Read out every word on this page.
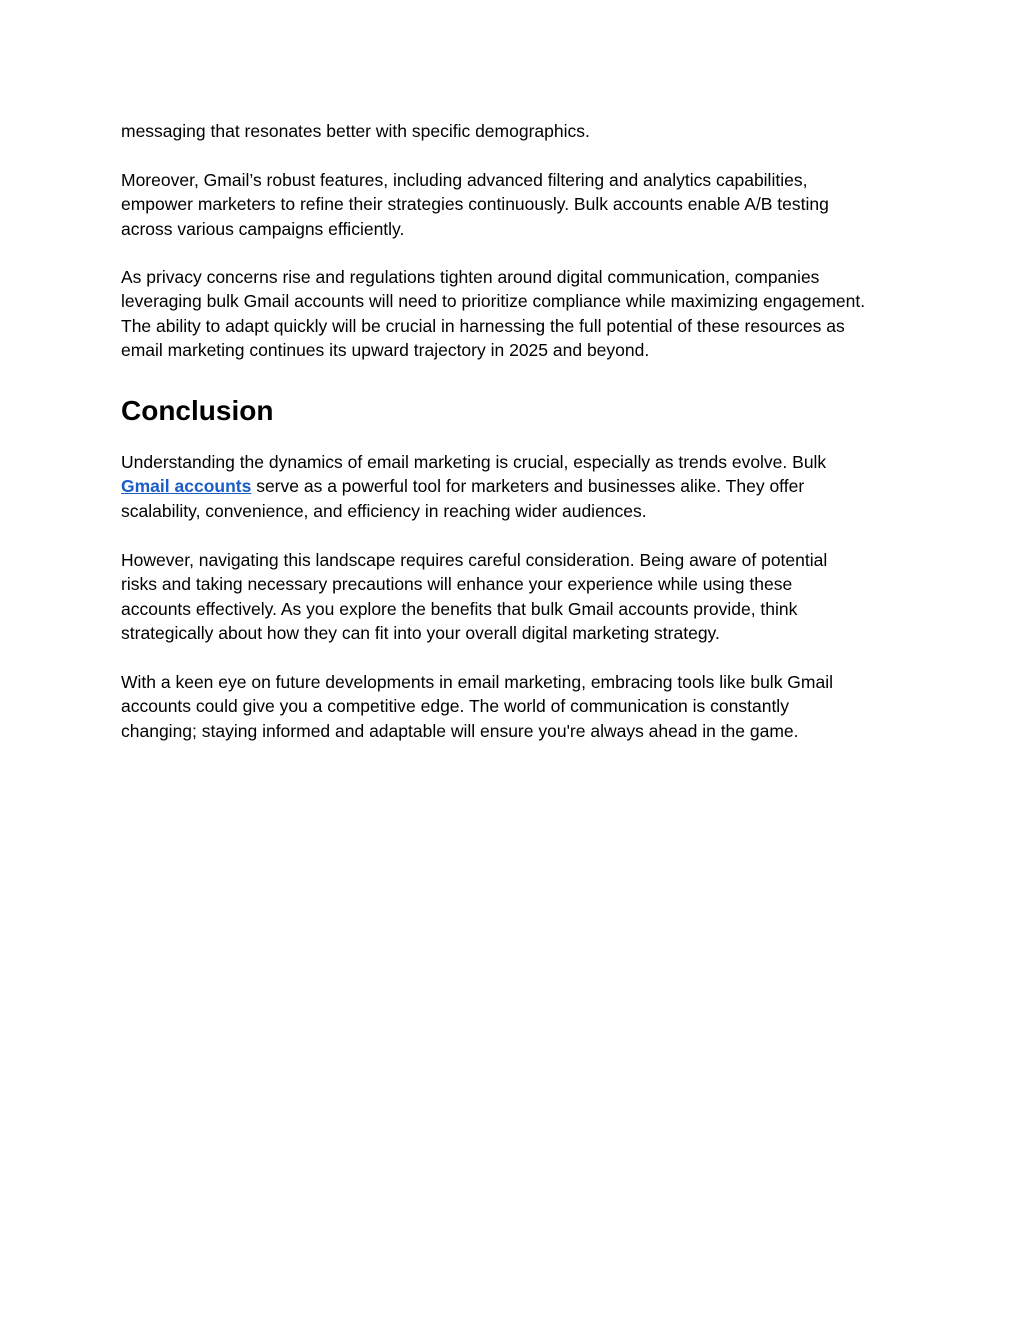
messaging that resonates better with specific demographics.
Moreover, Gmail’s robust features, including advanced filtering and analytics capabilities,
empower marketers to refine their strategies continuously. Bulk accounts enable A/B testing
across various campaigns efficiently.
As privacy concerns rise and regulations tighten around digital communication, companies
leveraging bulk Gmail accounts will need to prioritize compliance while maximizing engagement.
The ability to adapt quickly will be crucial in harnessing the full potential of these resources as
email marketing continues its upward trajectory in 2025 and beyond.
Conclusion
Understanding the dynamics of email marketing is crucial, especially as trends evolve. Bulk
Gmail accounts serve as a powerful tool for marketers and businesses alike. They offer
scalability, convenience, and efficiency in reaching wider audiences.
However, navigating this landscape requires careful consideration. Being aware of potential
risks and taking necessary precautions will enhance your experience while using these
accounts effectively. As you explore the benefits that bulk Gmail accounts provide, think
strategically about how they can fit into your overall digital marketing strategy.
With a keen eye on future developments in email marketing, embracing tools like bulk Gmail
accounts could give you a competitive edge. The world of communication is constantly
changing; staying informed and adaptable will ensure you're always ahead in the game.
